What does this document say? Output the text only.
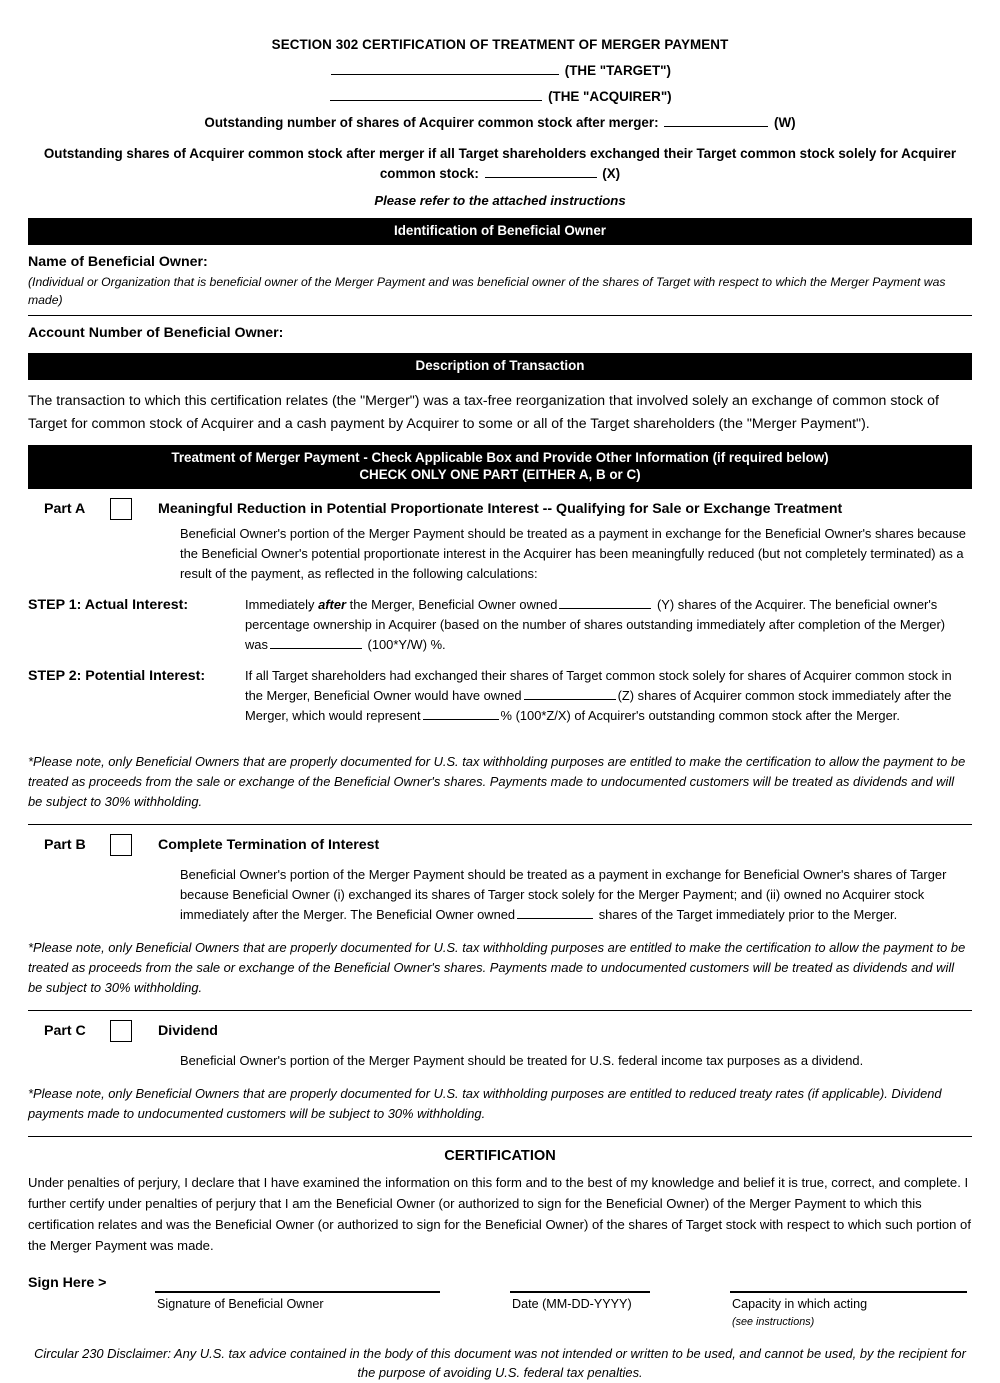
SECTION 302 CERTIFICATION OF TREATMENT OF MERGER PAYMENT
(THE "TARGET")
(THE "ACQUIRER")
Outstanding number of shares of Acquirer common stock after merger:	(W)
Outstanding shares of Acquirer common stock after merger if all Target shareholders exchanged their Target common stock solely for Acquirer
common stock:	(X)
Please refer to the attached instructions
Identification of Beneficial Owner
Name of Beneficial Owner:
(Individual or Organization that is beneficial owner of the Merger Payment and was beneficial owner of the shares of Target with respect to which the Merger Payment was made)
Account Number of Beneficial Owner:
Description of Transaction
The transaction to which this certification relates (the "Merger") was a tax-free reorganization that involved solely an exchange of common stock of Target for common stock of Acquirer and a cash payment by Acquirer to some or all of the Target shareholders (the "Merger Payment").
Treatment of Merger Payment - Check Applicable Box and Provide Other Information (if required below)
CHECK ONLY ONE PART (EITHER A, B or C)
Part A	Meaningful Reduction in Potential Proportionate Interest -- Qualifying for Sale or Exchange Treatment
Beneficial Owner's portion of the Merger Payment should be treated as a payment in exchange for the Beneficial Owner's shares because the Beneficial Owner's potential proportionate interest in the Acquirer has been meaningfully reduced (but not completely terminated) as a result of the payment, as reflected in the following calculations:
STEP 1: Actual Interest:	Immediately after the Merger, Beneficial Owner owned	(Y) shares of the Acquirer. The beneficial owner's percentage ownership in Acquirer (based on the number of shares outstanding immediately after completion of the Merger) was	(100*Y/W) %.
STEP 2: Potential Interest:	If all Target shareholders had exchanged their shares of Target common stock solely for shares of Acquirer common stock in the Merger, Beneficial Owner would have owned	(Z) shares of Acquirer common stock immediately after the Merger, which would represent	% (100*Z/X) of Acquirer's outstanding common stock after the Merger.
*Please note, only Beneficial Owners that are properly documented for U.S. tax withholding purposes are entitled to make the certification to allow the payment to be treated as proceeds from the sale or exchange of the Beneficial Owner's shares. Payments made to undocumented customers will be treated as dividends and will be subject to 30% withholding.
Part B	Complete Termination of Interest
Beneficial Owner's portion of the Merger Payment should be treated as a payment in exchange for Beneficial Owner's shares of Targer because Beneficial Owner (i) exchanged its shares of Targer stock solely for the Merger Payment; and (ii) owned no Acquirer stock immediately after the Merger. The Beneficial Owner owned	shares of the Target immediately prior to the Merger.
*Please note, only Beneficial Owners that are properly documented for U.S. tax withholding purposes are entitled to make the certification to allow the payment to be treated as proceeds from the sale or exchange of the Beneficial Owner's shares. Payments made to undocumented customers will be treated as dividends and will be subject to 30% withholding.
Part C	Dividend
Beneficial Owner's portion of the Merger Payment should be treated for U.S. federal income tax purposes as a dividend.
*Please note, only Beneficial Owners that are properly documented for U.S. tax withholding purposes are entitled to reduced treaty rates (if applicable). Dividend payments made to undocumented customers will be subject to 30% withholding.
CERTIFICATION
Under penalties of perjury, I declare that I have examined the information on this form and to the best of my knowledge and belief it is true, correct, and complete. I further certify under penalties of perjury that I am the Beneficial Owner (or authorized to sign for the Beneficial Owner) of the Merger Payment to which this certification relates and was the Beneficial Owner (or authorized to sign for the Beneficial Owner) of the shares of Target stock with respect to which such portion of the Merger Payment was made.
Sign Here >
Signature of Beneficial Owner	Date (MM-DD-YYYY)	Capacity in which acting
(see instructions)
Circular 230 Disclaimer: Any U.S. tax advice contained in the body of this document was not intended or written to be used, and cannot be used, by the recipient for the purpose of avoiding U.S. federal tax penalties.
